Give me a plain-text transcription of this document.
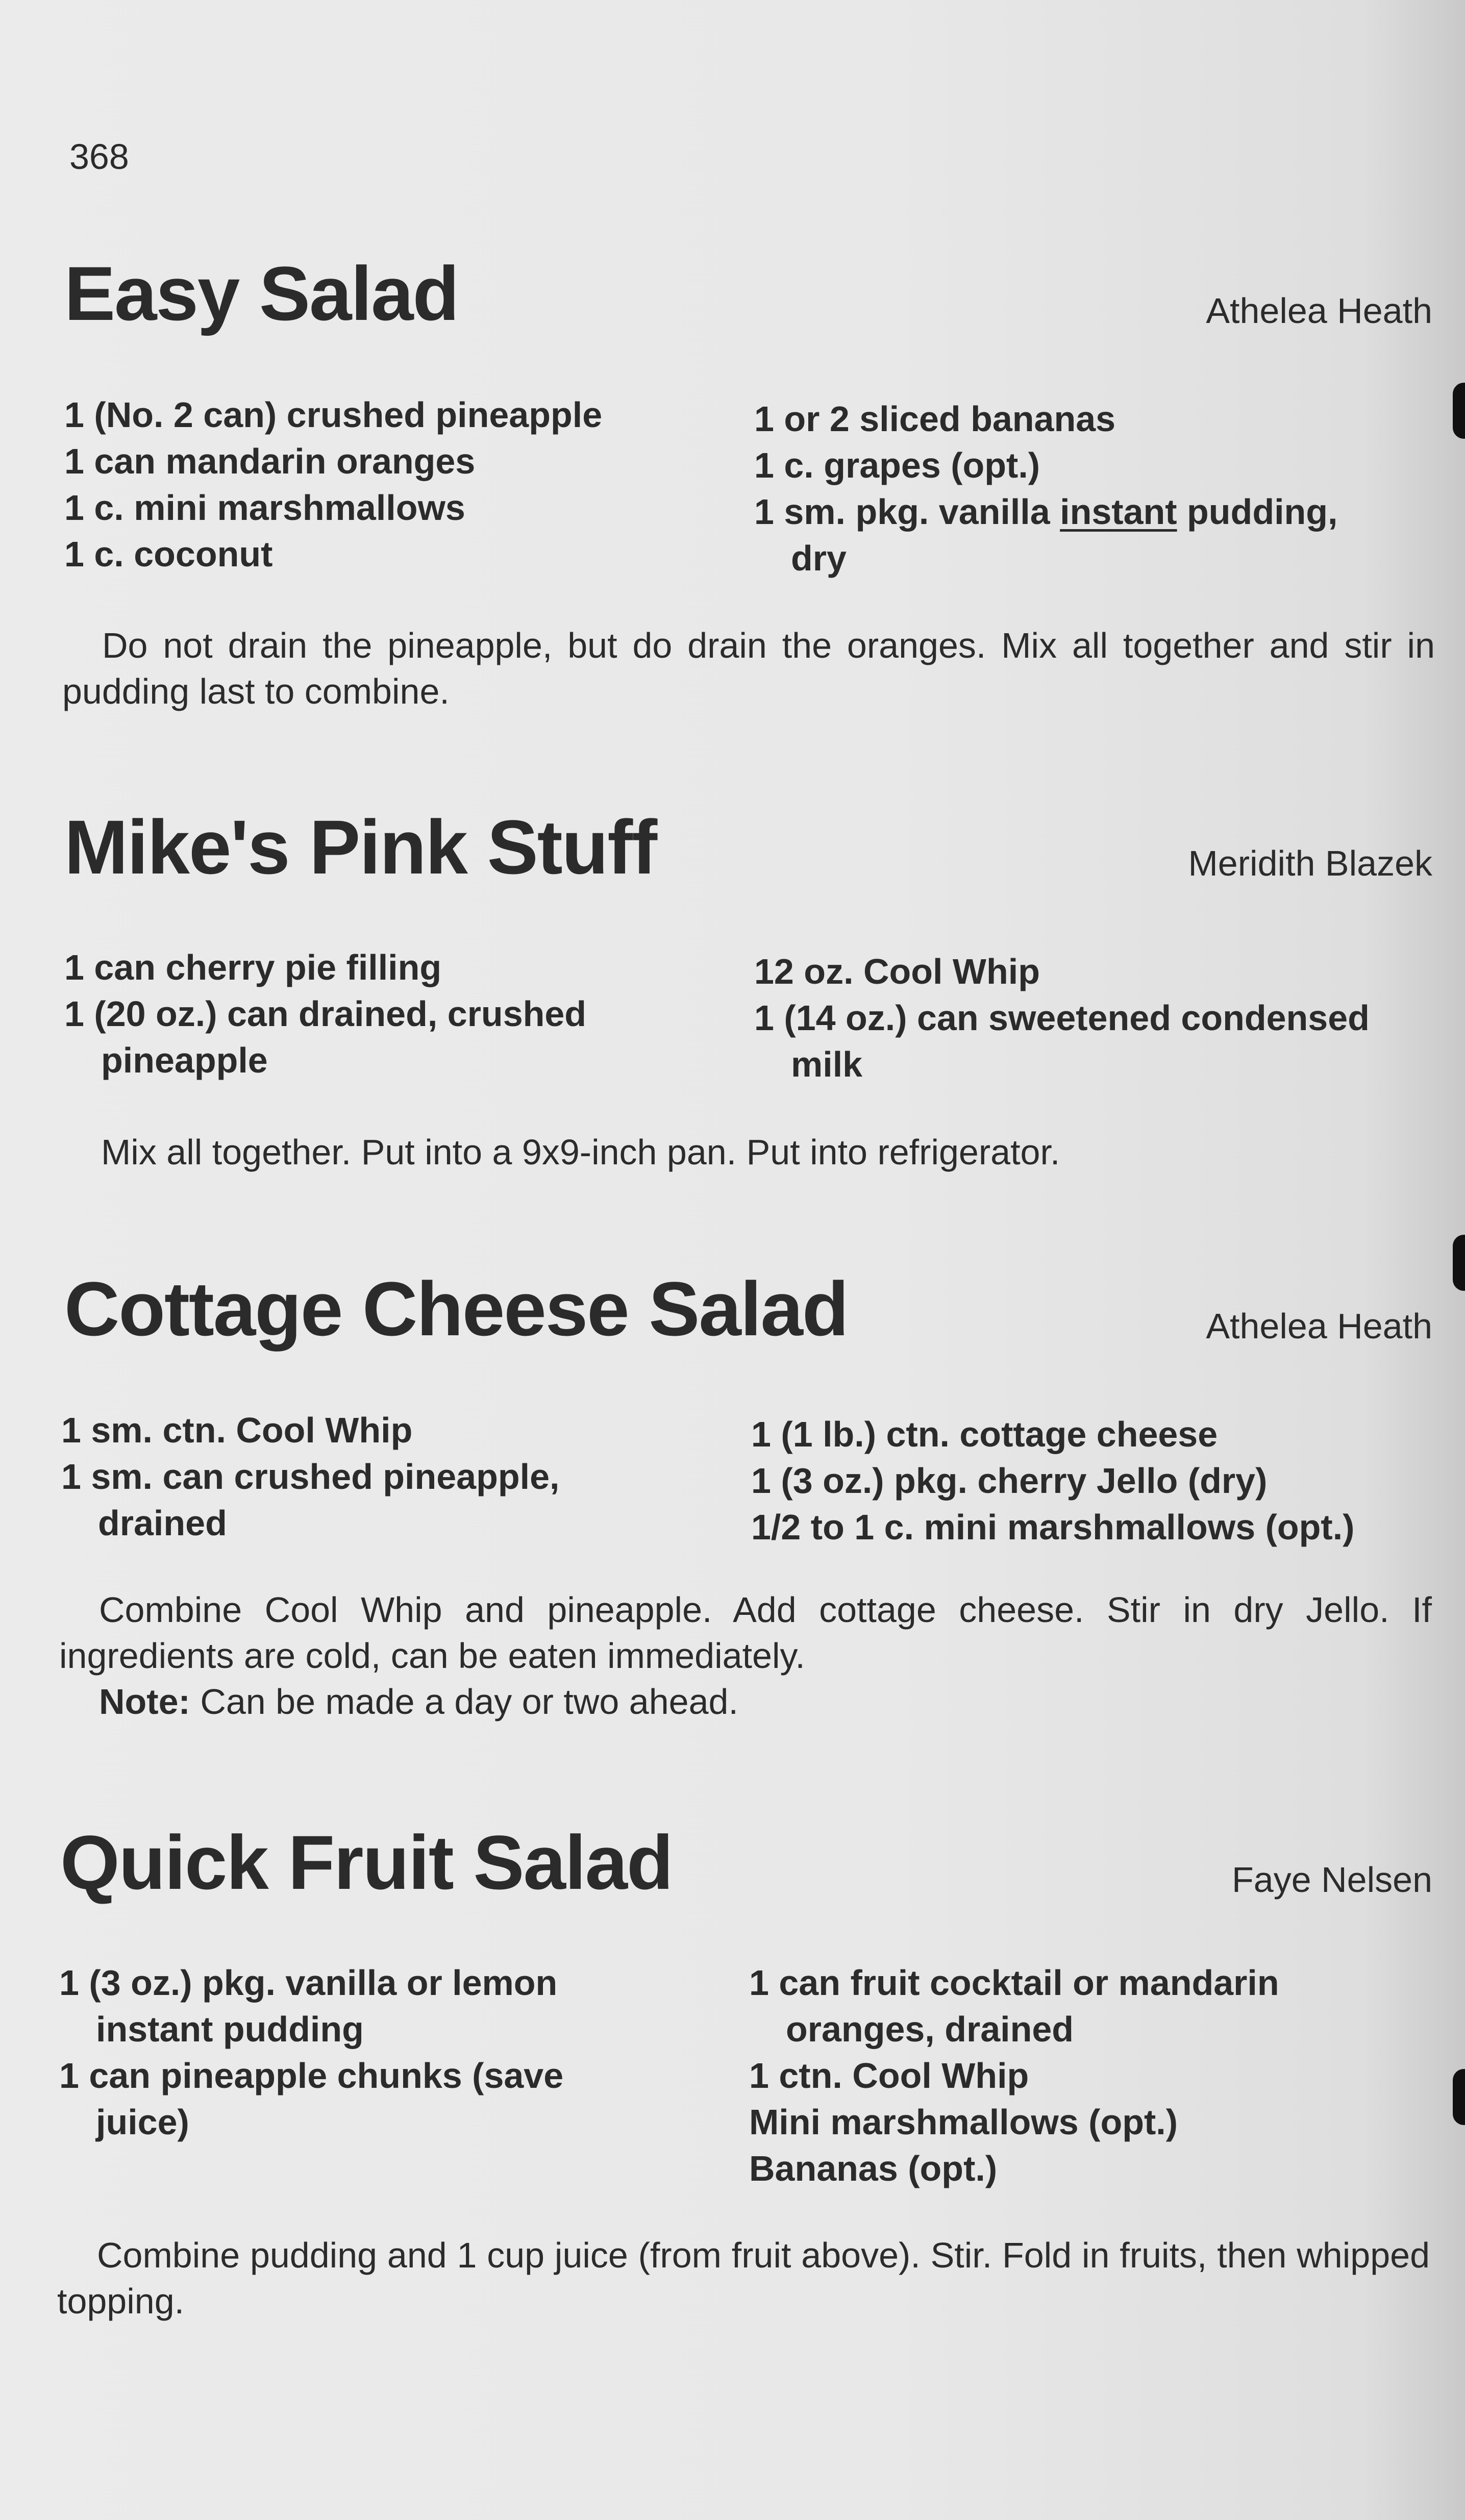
368
Easy Salad	Athelea Heath
1 (No. 2 can) crushed pineapple
1 can mandarin oranges
1 c. mini marshmallows
1 c. coconut
1 or 2 sliced bananas
1 c. grapes (opt.)
1 sm. pkg. vanilla instant pudding,
dry

Do not drain the pineapple, but do drain the oranges. Mix all together and stir in pudding last to combine.

Mike's Pink Stuff	Meridith Blazek
1 can cherry pie filling
1 (20 oz.) can drained, crushed
pineapple
12 oz. Cool Whip
1 (14 oz.) can sweetened condensed
milk

Mix all together. Put into a 9x9-inch pan. Put into refrigerator.

Cottage Cheese Salad	Athelea Heath
1 sm. ctn. Cool Whip
1 sm. can crushed pineapple,
drained
1 (1 lb.) ctn. cottage cheese
1 (3 oz.) pkg. cherry Jello (dry)
1/2 to 1 c. mini marshmallows (opt.)

Combine Cool Whip and pineapple. Add cottage cheese. Stir in dry Jello. If ingredients are cold, can be eaten immediately.

Note: Can be made a day or two ahead.

Quick Fruit Salad	Faye Nelsen
1 (3 oz.) pkg. vanilla or lemon
instant pudding
1 can pineapple chunks (save
juice)
1 can fruit cocktail or mandarin
oranges, drained
1 ctn. Cool Whip
Mini marshmallows (opt.)
Bananas (opt.)

Combine pudding and 1 cup juice (from fruit above). Stir. Fold in fruits, then whipped topping.
